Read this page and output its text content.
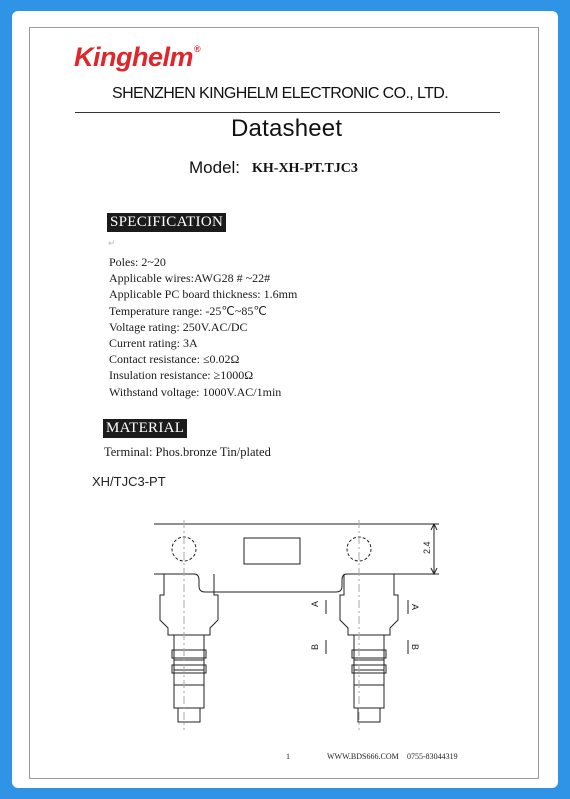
Kinghelm®
SHENZHEN KINGHELM ELECTRONIC CO., LTD.
Datasheet
Model: KH-XH-PT.TJC3
SPECIFICATION
↵
Poles: 2~20
Applicable wires:AWG28 # ~22#
Applicable PC board thickness: 1.6mm
Temperature range: -25℃~85℃
Voltage rating: 250V.AC/DC
Current rating: 3A
Contact resistance: ≤0.02Ω
Insulation resistance: ≥1000Ω
Withstand voltage: 1000V.AC/1min
MATERIAL
Terminal: Phos.bronze Tin/plated
XH/TJC3-PT
2.4
A
A
B	B
1	WWW.BDS666.COM 0755-83044319
